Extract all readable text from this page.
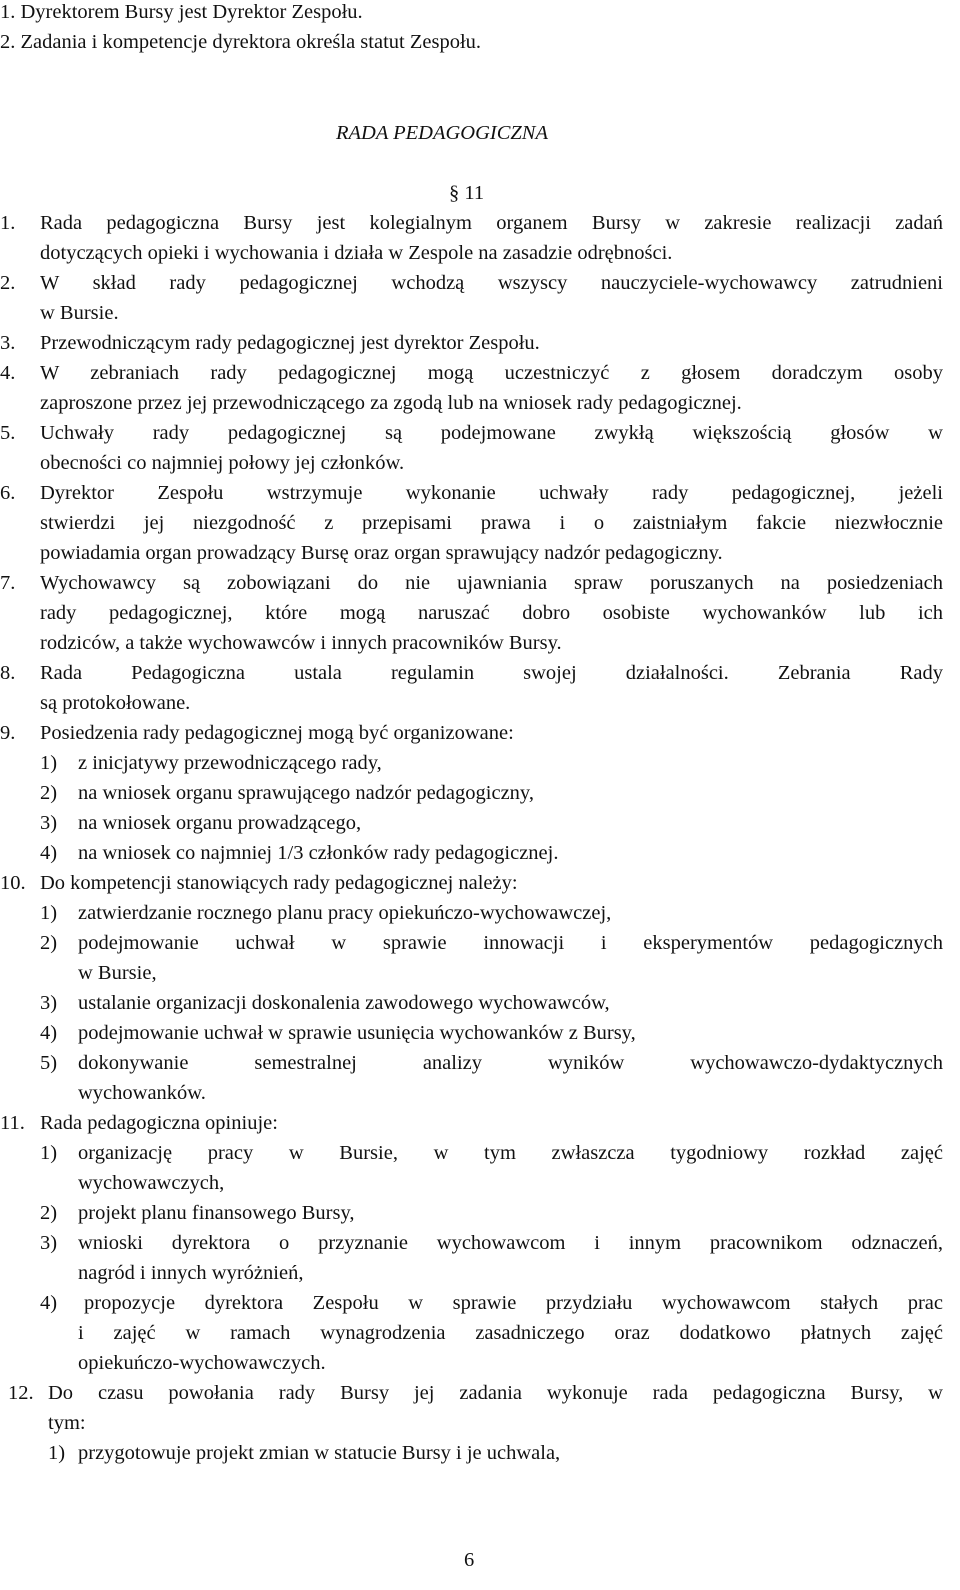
1. Dyrektorem Bursy jest Dyrektor Zespołu.
2. Zadania i kompetencje dyrektora określa statut Zespołu.
RADA PEDAGOGICZNA
§ 11
1. Rada pedagogiczna Bursy jest kolegialnym organem Bursy w zakresie realizacji zadań
dotyczących opieki i wychowania i działa w Zespole na zasadzie odrębności.
2. W skład rady pedagogicznej wchodzą wszyscy nauczyciele-wychowawcy zatrudnieni
w Bursie.
3. Przewodniczącym rady pedagogicznej jest dyrektor Zespołu.
4. W zebraniach rady pedagogicznej mogą uczestniczyć z głosem doradczym osoby
zaproszone przez jej przewodniczącego za zgodą lub na wniosek rady pedagogicznej.
5. Uchwały rady pedagogicznej są podejmowane zwykłą większością głosów w
obecności co najmniej połowy jej członków.
6. Dyrektor Zespołu wstrzymuje wykonanie uchwały rady pedagogicznej, jeżeli
stwierdzi jej niezgodność z przepisami prawa i o zaistniałym fakcie niezwłocznie
powiadamia organ prowadzący Bursę oraz organ sprawujący nadzór pedagogiczny.
7. Wychowawcy są zobowiązani do nie ujawniania spraw poruszanych na posiedzeniach
rady pedagogicznej, które mogą naruszać dobro osobiste wychowanków lub ich
rodziców, a także wychowawców i innych pracowników Bursy.
8. Rada Pedagogiczna ustala regulamin swojej działalności. Zebrania Rady
są protokołowane.
9. Posiedzenia rady pedagogicznej mogą być organizowane:
1) z inicjatywy przewodniczącego rady,
2) na wniosek organu sprawującego nadzór pedagogiczny,
3) na wniosek organu prowadzącego,
4) na wniosek co najmniej 1/3 członków rady pedagogicznej.
10. Do kompetencji stanowiących rady pedagogicznej należy:
1) zatwierdzanie rocznego planu pracy opiekuńczo-wychowawczej,
2) podejmowanie uchwał w sprawie innowacji i eksperymentów pedagogicznych
w Bursie,
3) ustalanie organizacji doskonalenia zawodowego wychowawców,
4) podejmowanie uchwał w sprawie usunięcia wychowanków z Bursy,
5) dokonywanie semestralnej analizy wyników wychowawczo-dydaktycznych
wychowanków.
11. Rada pedagogiczna opiniuje:
1) organizację pracy w Bursie, w tym zwłaszcza tygodniowy rozkład zajęć
wychowawczych,
2) projekt planu finansowego Bursy,
3) wnioski dyrektora o przyznanie wychowawcom i innym pracownikom odznaczeń,
nagród i innych wyróżnień,
4) propozycje dyrektora Zespołu w sprawie przydziału wychowawcom stałych prac
i zajęć w ramach wynagrodzenia zasadniczego oraz dodatkowo płatnych zajęć
opiekuńczo-wychowawczych.
12. Do czasu powołania rady Bursy jej zadania wykonuje rada pedagogiczna Bursy, w
tym:
1) przygotowuje projekt zmian w statucie Bursy i je uchwala,
6
